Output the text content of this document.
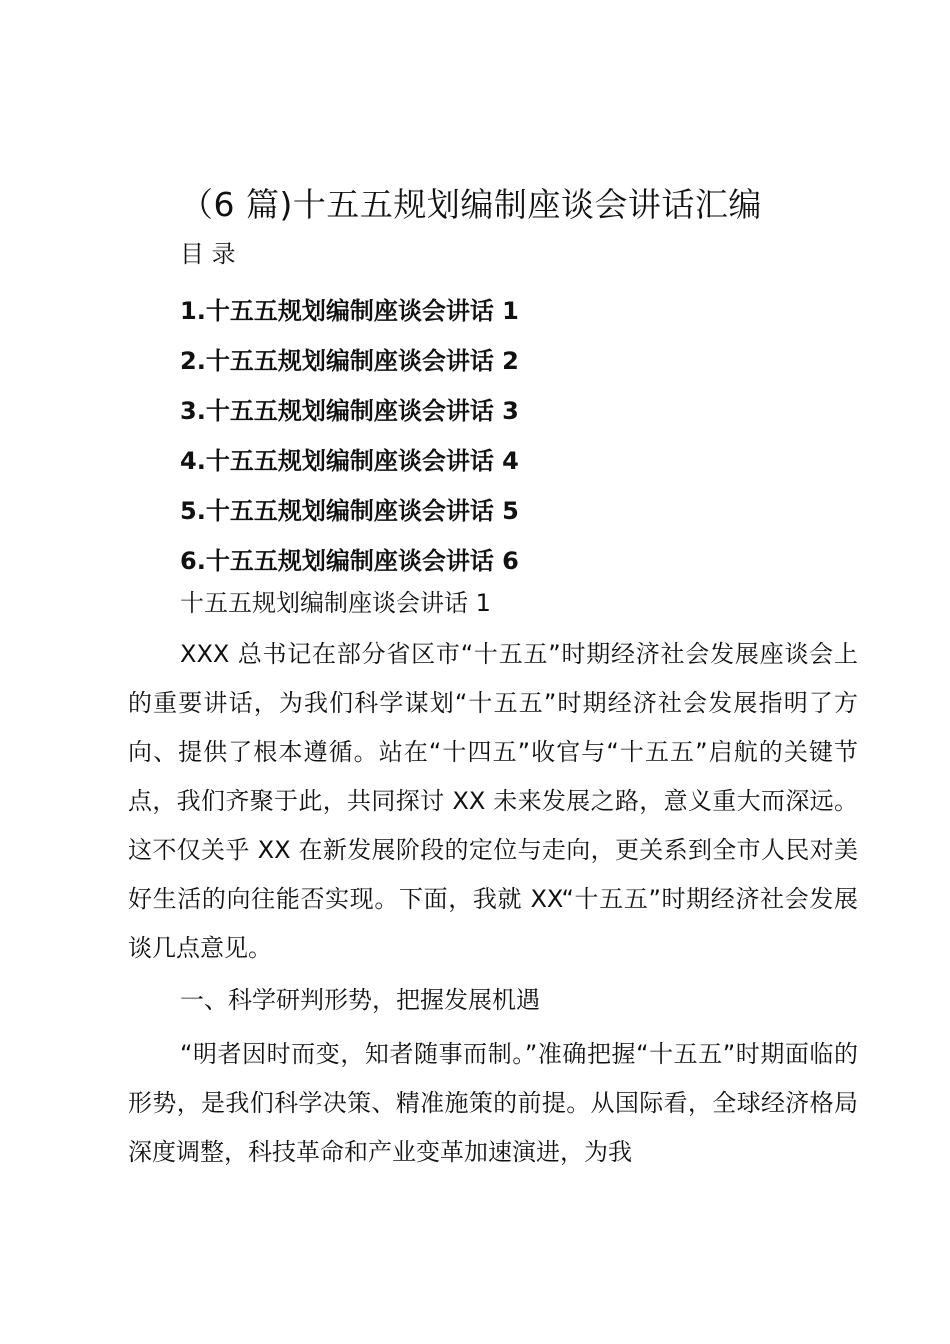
（6 篇)十五五规划编制座谈会讲话汇编
目 录
1.十五五规划编制座谈会讲话 1
2.十五五规划编制座谈会讲话 2
3.十五五规划编制座谈会讲话 3
4.十五五规划编制座谈会讲话 4
5.十五五规划编制座谈会讲话 5
6.十五五规划编制座谈会讲话 6
十五五规划编制座谈会讲话 1

XXX 总书记在部分省区市“十五五”时期经济社会发展座谈会上的重要讲话，为我们科学谋划“十五五”时期经济社会发展指明了方向、提供了根本遵循。站在“十四五”收官与“十五五”启航的关键节点，我们齐聚于此，共同探讨 XX 未来发展之路，意义重大而深远。这不仅关乎 XX 在新发展阶段的定位与走向，更关系到全市人民对美好生活的向往能否实现。下面，我就 XX“十五五”时期经济社会发展谈几点意见。

一、科学研判形势，把握发展机遇

“明者因时而变，知者随事而制。”准确把握“十五五”时期面临的形势，是我们科学决策、精准施策的前提。从国际看，全球经济格局深度调整，科技革命和产业变革加速演进，为我
